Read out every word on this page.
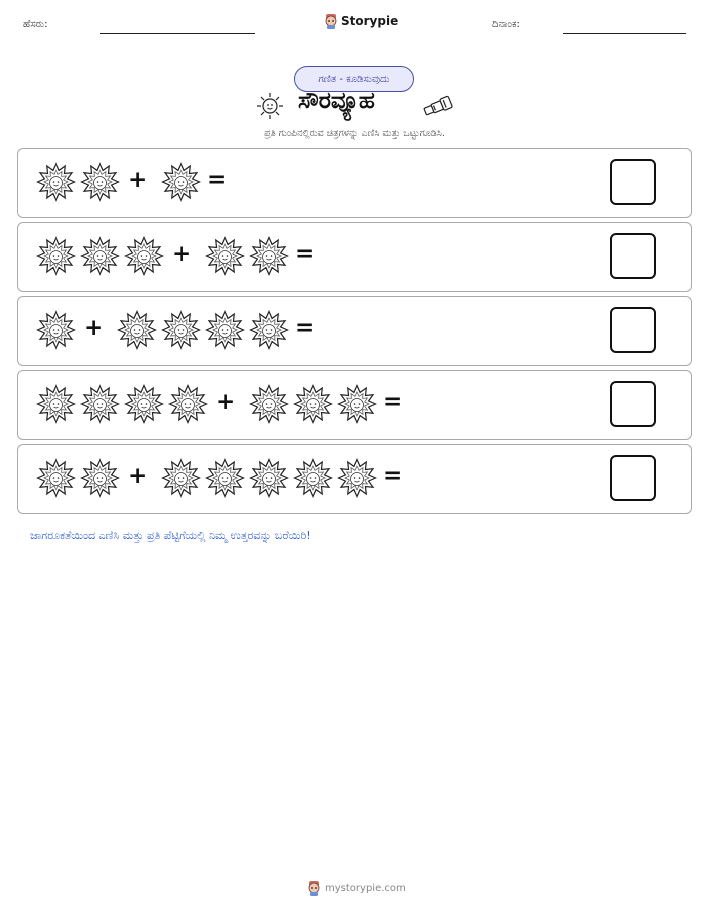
ಹೆಸರು:	Storypie	ದಿನಾಂಕ:
ಗಣಿತ - ಕೂಡಿಸುವುದು
ಸೌರವ್ಯೂಹ
ಪ್ರತಿ ಗುಂಪಿನಲ್ಲಿರುವ ಚಿತ್ರಗಳನ್ನು ಎಣಿಸಿ ಮತ್ತು ಒಟ್ಟುಗೂಡಿಸಿ.
+	=
+	=
+	=
+	=
+	=
ಜಾಗರೂಕತೆಯಿಂದ ಎಣಿಸಿ ಮತ್ತು ಪ್ರತಿ ಪೆಟ್ಟಿಗೆಯಲ್ಲಿ ನಿಮ್ಮ ಉತ್ತರವನ್ನು ಬರೆಯಿರಿ!
mystorypie.com
